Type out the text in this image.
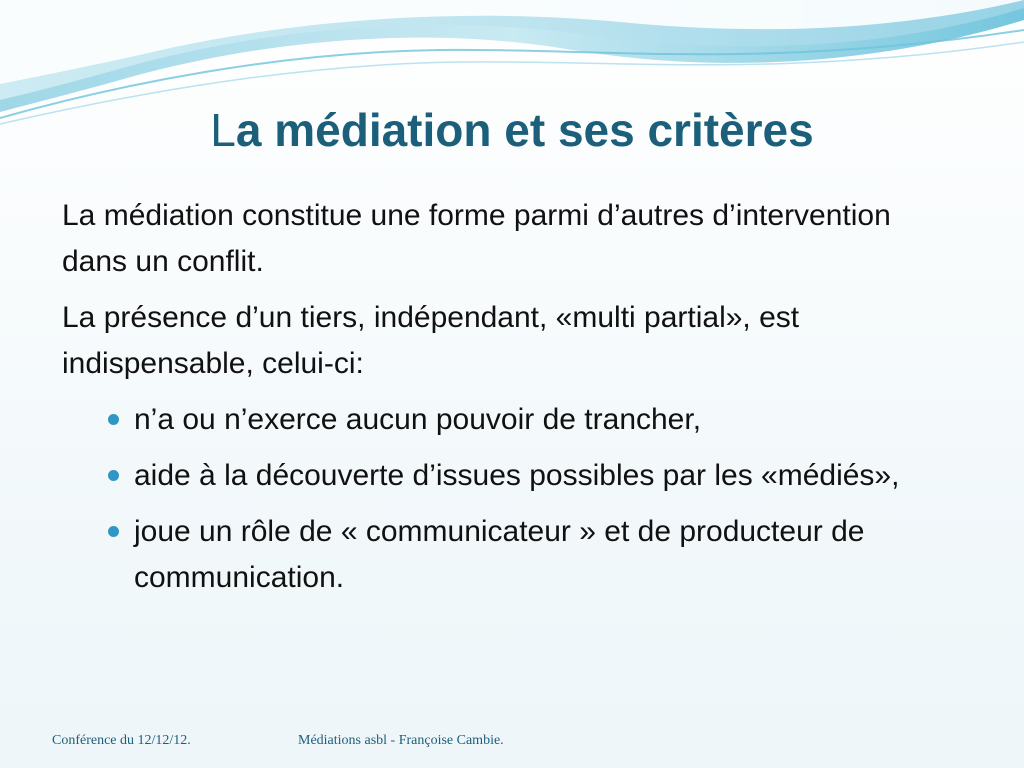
La médiation et ses critères

La médiation constitue une forme parmi d’autres d’intervention dans un conflit.

La présence d’un tiers, indépendant, «multi partial», est indispensable, celui-ci:

n’a ou n’exerce aucun pouvoir de trancher,
aide à la découverte d’issues possibles par les «médiés»,
joue un rôle de « communicateur » et de producteur de communication.
Conférence du 12/12/12.	Médiations asbl - Françoise Cambie.
